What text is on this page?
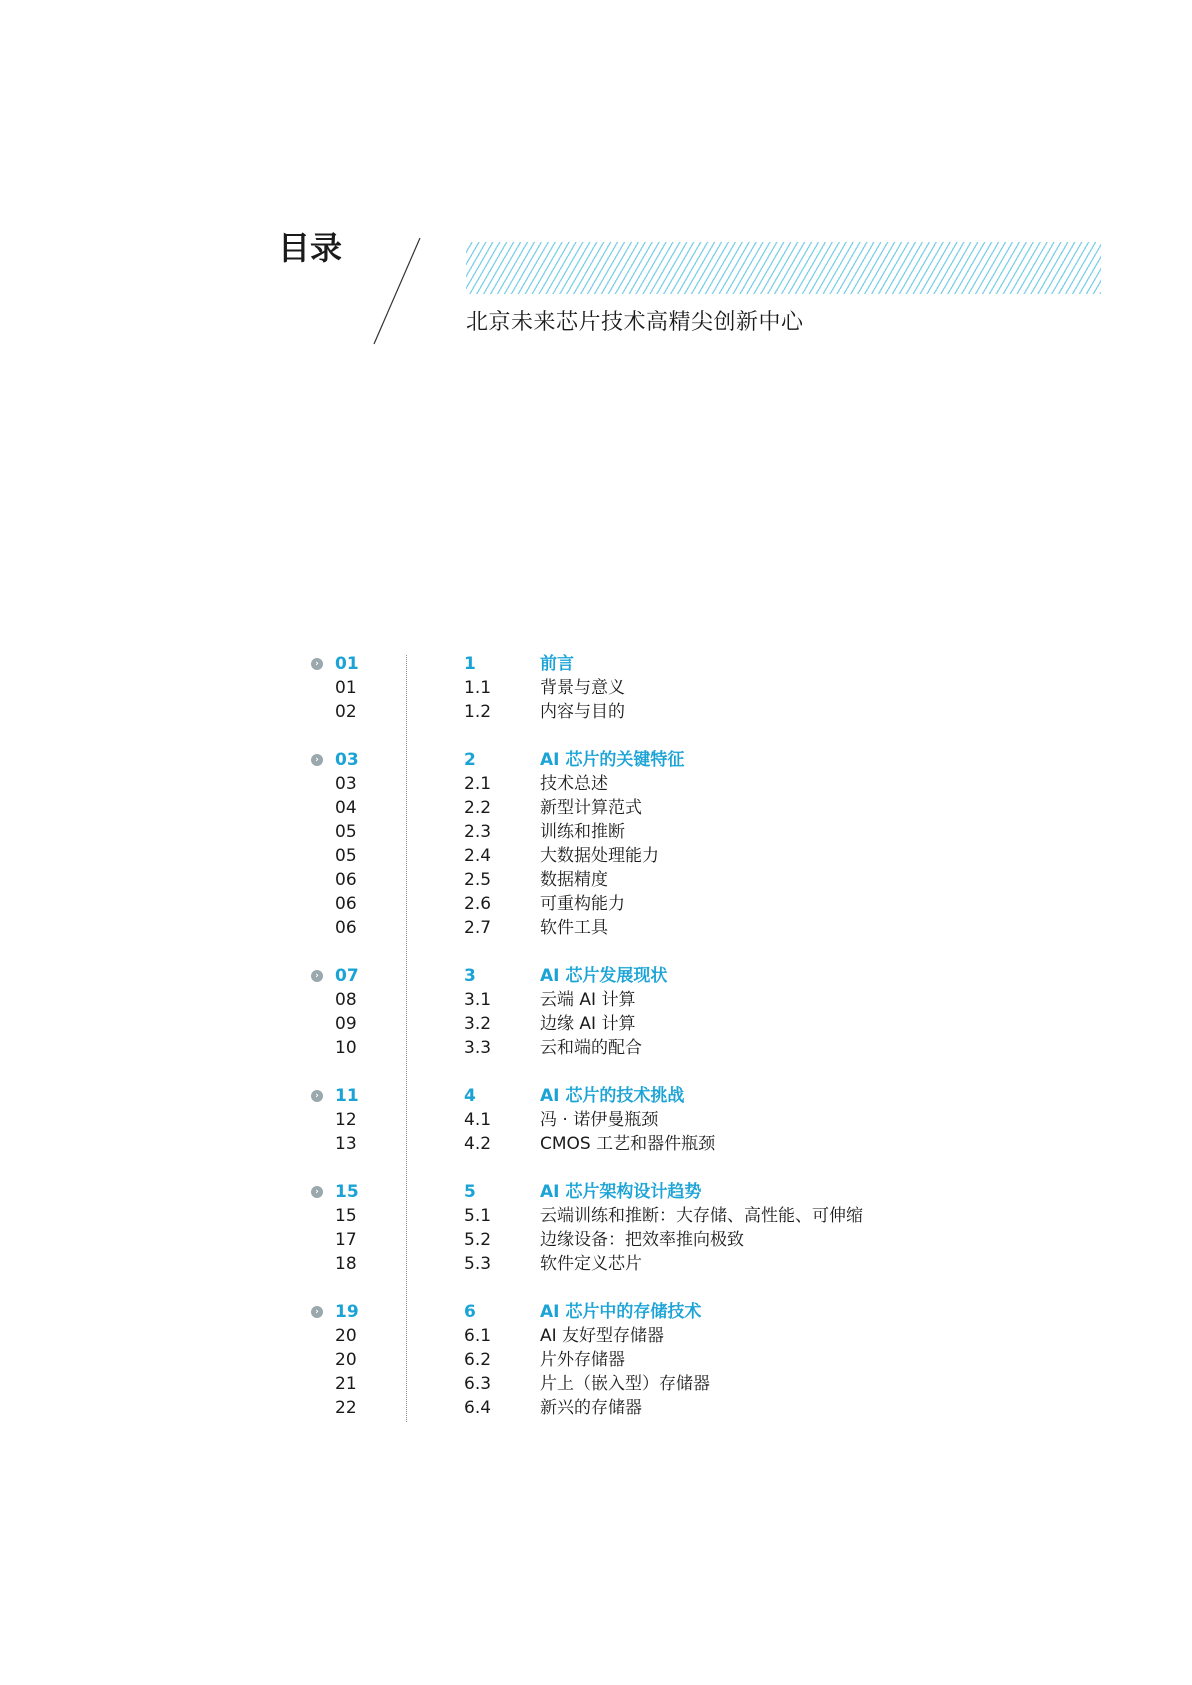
目录

北京未来芯片技术高精尖创新中心

› 01	1	前言
01	1.1	背景与意义
02	1.2	内容与目的
› 03	2	AI 芯片的关键特征
03	2.1	技术总述
04	2.2	新型计算范式
05	2.3	训练和推断
05	2.4	大数据处理能力
06	2.5	数据精度
06	2.6	可重构能力
06	2.7	软件工具
› 07	3	AI 芯片发展现状
08	3.1	云端 AI 计算
09	3.2	边缘 AI 计算
10	3.3	云和端的配合
› 11	4	AI 芯片的技术挑战
12	4.1	冯 · 诺伊曼瓶颈
13	4.2	CMOS 工艺和器件瓶颈
› 15	5	AI 芯片架构设计趋势
15	5.1	云端训练和推断：大存储、高性能、可伸缩
17	5.2	边缘设备：把效率推向极致
18	5.3	软件定义芯片
› 19	6	AI 芯片中的存储技术
20	6.1	AI 友好型存储器
20	6.2	片外存储器
21	6.3	片上（嵌入型）存储器
22	6.4	新兴的存储器
